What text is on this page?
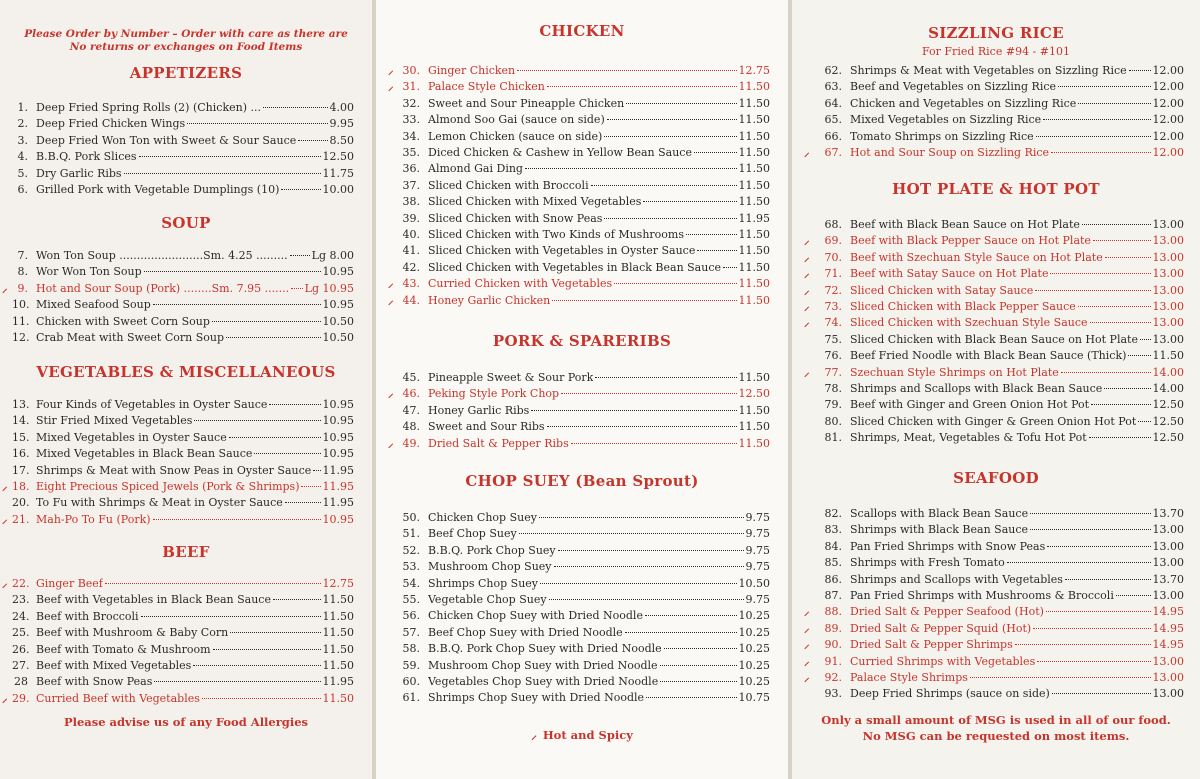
Please Order by Number – Order with care as there are
No returns or exchanges on Food Items
APPETIZERS
1. Deep Fried Spring Rolls (2) (Chicken) ...	4.00
2. Deep Fried Chicken Wings	9.95
3. Deep Fried Won Ton with Sweet & Sour Sauce	8.50
4. B.B.Q. Pork Slices	12.50
5. Dry Garlic Ribs	11.75
6. Grilled Pork with Vegetable Dumplings (10)	10.00
SOUP
7. Won Ton Soup ........................Sm. 4.25 ......... Lg 8.00
8. Wor Won Ton Soup	10.95
⸝ 9. Hot and Sour Soup (Pork) ........Sm. 7.95 ....... Lg 10.95
10. Mixed Seafood Soup	10.95
11. Chicken with Sweet Corn Soup	10.50
12. Crab Meat with Sweet Corn Soup	10.50
VEGETABLES & MISCELLANEOUS
13. Four Kinds of Vegetables in Oyster Sauce	10.95
14. Stir Fried Mixed Vegetables	10.95
15. Mixed Vegetables in Oyster Sauce	10.95
16. Mixed Vegetables in Black Bean Sauce	10.95
17. Shrimps & Meat with Snow Peas in Oyster Sauce 11.95
⸝ 18. Eight Precious Spiced Jewels (Pork & Shrimps) 11.95
20. To Fu with Shrimps & Meat in Oyster Sauce	11.95
⸝ 21. Mah-Po To Fu (Pork)	10.95
BEEF
⸝ 22. Ginger Beef	12.75
23. Beef with Vegetables in Black Bean Sauce	11.50
24. Beef with Broccoli	11.50
25. Beef with Mushroom & Baby Corn	11.50
26. Beef with Tomato & Mushroom	11.50
27. Beef with Mixed Vegetables	11.50
28 Beef with Snow Peas	11.95
⸝ 29. Curried Beef with Vegetables	11.50
Please advise us of any Food Allergies
CHICKEN
⸝ 30. Ginger Chicken	12.75
⸝ 31. Palace Style Chicken	11.50
32. Sweet and Sour Pineapple Chicken	11.50
33. Almond Soo Gai (sauce on side)	11.50
34. Lemon Chicken (sauce on side)	11.50
35. Diced Chicken & Cashew in Yellow Bean Sauce	11.50
36. Almond Gai Ding	11.50
37. Sliced Chicken with Broccoli	11.50
38. Sliced Chicken with Mixed Vegetables	11.50
39. Sliced Chicken with Snow Peas	11.95
40. Sliced Chicken with Two Kinds of Mushrooms	11.50
41. Sliced Chicken with Vegetables in Oyster Sauce	11.50
42. Sliced Chicken with Vegetables in Black Bean Sauce 11.50
⸝ 43. Curried Chicken with Vegetables	11.50
⸝ 44. Honey Garlic Chicken	11.50
PORK & SPARERIBS
45. Pineapple Sweet & Sour Pork	11.50
⸝ 46. Peking Style Pork Chop	12.50
47. Honey Garlic Ribs	11.50
48. Sweet and Sour Ribs	11.50
⸝ 49. Dried Salt & Pepper Ribs	11.50
CHOP SUEY (Bean Sprout)
50. Chicken Chop Suey	9.75
51. Beef Chop Suey	9.75
52. B.B.Q. Pork Chop Suey	9.75
53. Mushroom Chop Suey	9.75
54. Shrimps Chop Suey	10.50
55. Vegetable Chop Suey	9.75
56. Chicken Chop Suey with Dried Noodle	10.25
57. Beef Chop Suey with Dried Noodle	10.25
58. B.B.Q. Pork Chop Suey with Dried Noodle	10.25
59. Mushroom Chop Suey with Dried Noodle	10.25
60. Vegetables Chop Suey with Dried Noodle	10.25
61. Shrimps Chop Suey with Dried Noodle	10.75
⸝ Hot and Spicy
SIZZLING RICE
For Fried Rice #94 - #101
62. Shrimps & Meat with Vegetables on Sizzling Rice 12.00
63. Beef and Vegetables on Sizzling Rice	12.00
64. Chicken and Vegetables on Sizzling Rice	12.00
65. Mixed Vegetables on Sizzling Rice	12.00
66. Tomato Shrimps on Sizzling Rice	12.00
⸝	67. Hot and Sour Soup on Sizzling Rice	12.00
HOT PLATE & HOT POT
68. Beef with Black Bean Sauce on Hot Plate	13.00
⸝	69. Beef with Black Pepper Sauce on Hot Plate	13.00
⸝	70. Beef with Szechuan Style Sauce on Hot Plate	13.00
⸝	71. Beef with Satay Sauce on Hot Plate	13.00
⸝	72. Sliced Chicken with Satay Sauce	13.00
⸝	73. Sliced Chicken with Black Pepper Sauce	13.00
⸝	74. Sliced Chicken with Szechuan Style Sauce	13.00
75. Sliced Chicken with Black Bean Sauce on Hot Plate 13.00
76. Beef Fried Noodle with Black Bean Sauce (Thick) 11.50
⸝	77. Szechuan Style Shrimps on Hot Plate	14.00
78. Shrimps and Scallops with Black Bean Sauce	14.00
79. Beef with Ginger and Green Onion Hot Pot	12.50
80. Sliced Chicken with Ginger & Green Onion Hot Pot 12.50
81. Shrimps, Meat, Vegetables & Tofu Hot Pot	12.50
SEAFOOD
82. Scallops with Black Bean Sauce	13.70
83. Shrimps with Black Bean Sauce	13.00
84. Pan Fried Shrimps with Snow Peas	13.00
85. Shrimps with Fresh Tomato	13.00
86. Shrimps and Scallops with Vegetables	13.70
87. Pan Fried Shrimps with Mushrooms & Broccoli	13.00
⸝	88. Dried Salt & Pepper Seafood (Hot)	14.95
⸝	89. Dried Salt & Pepper Squid (Hot)	14.95
⸝	90. Dried Salt & Pepper Shrimps	14.95
⸝	91. Curried Shrimps with Vegetables	13.00
⸝	92. Palace Style Shrimps	13.00
93. Deep Fried Shrimps (sauce on side)	13.00
Only a small amount of MSG is used in all of our food.
No MSG can be requested on most items.
